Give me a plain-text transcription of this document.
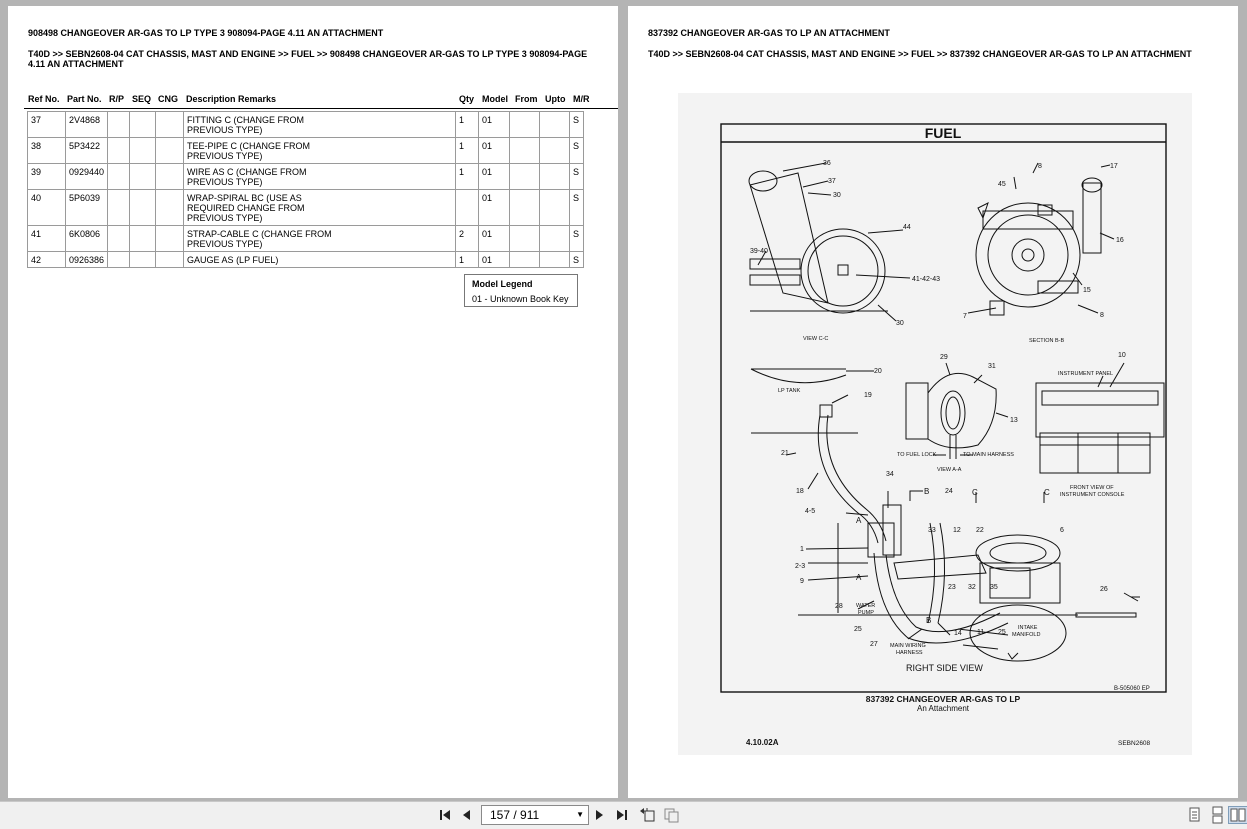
908498 CHANGEOVER AR-GAS TO LP TYPE 3 908094-PAGE 4.11 AN ATTACHMENT
T40D >> SEBN2608-04 CAT CHASSIS, MAST AND ENGINE >> FUEL >> 908498 CHANGEOVER AR-GAS TO LP TYPE 3 908094-PAGE
4.11 AN ATTACHMENT
Ref No. Part No. R/P SEQ CNG Description Remarks	Qty Model From Upto M/R
37	2V4868				FITTING C (CHANGE FROM
PREVIOUS TYPE)	1	01			S
38	5P3422				TEE-PIPE C (CHANGE FROM
PREVIOUS TYPE)	1	01			S
39	0929440				WIRE AS C (CHANGE FROM
PREVIOUS TYPE)	1	01			S
40	5P6039				WRAP-SPIRAL BC (USE AS
REQUIRED CHANGE FROM
PREVIOUS TYPE)		01			S
41	6K0806				STRAP-CABLE C (CHANGE FROM
PREVIOUS TYPE)	2	01			S
42	0926386				GAUGE AS (LP FUEL)	1	01			S
Model Legend
01 - Unknown Book Key
837392 CHANGEOVER AR-GAS TO LP AN ATTACHMENT
T40D >> SEBN2608-04 CAT CHASSIS, MAST AND ENGINE >> FUEL >> 837392 CHANGEOVER AR-GAS TO LP AN ATTACHMENT
FUEL
VIEW C-C	SECTION B-B
LP TANK
INSTRUMENT PANEL
TO FUEL LOCK	TO MAIN HARNESS
VIEW A-A
FRONT VIEW OF
INSTRUMENT CONSOLE
WATER
PUMP
INTAKE
MANIFOLD
MAIN WIRING
HARNESS
RIGHT SIDE VIEW
B-505060 EP
837392 CHANGEOVER AR-GAS TO LP
An Attachment
4.10.02A	SEBN2608
36
37
30
44
39-40
41-42-43
30
8	17
45
16
15
7	8
20
19
29
31
13
10
21
18
34
B 24 C	C
4-5
A
33 12 22	6
1
2-3
9	A
23 32 35	26
28
25
B
14 11 25
27
157 / 911	▼
